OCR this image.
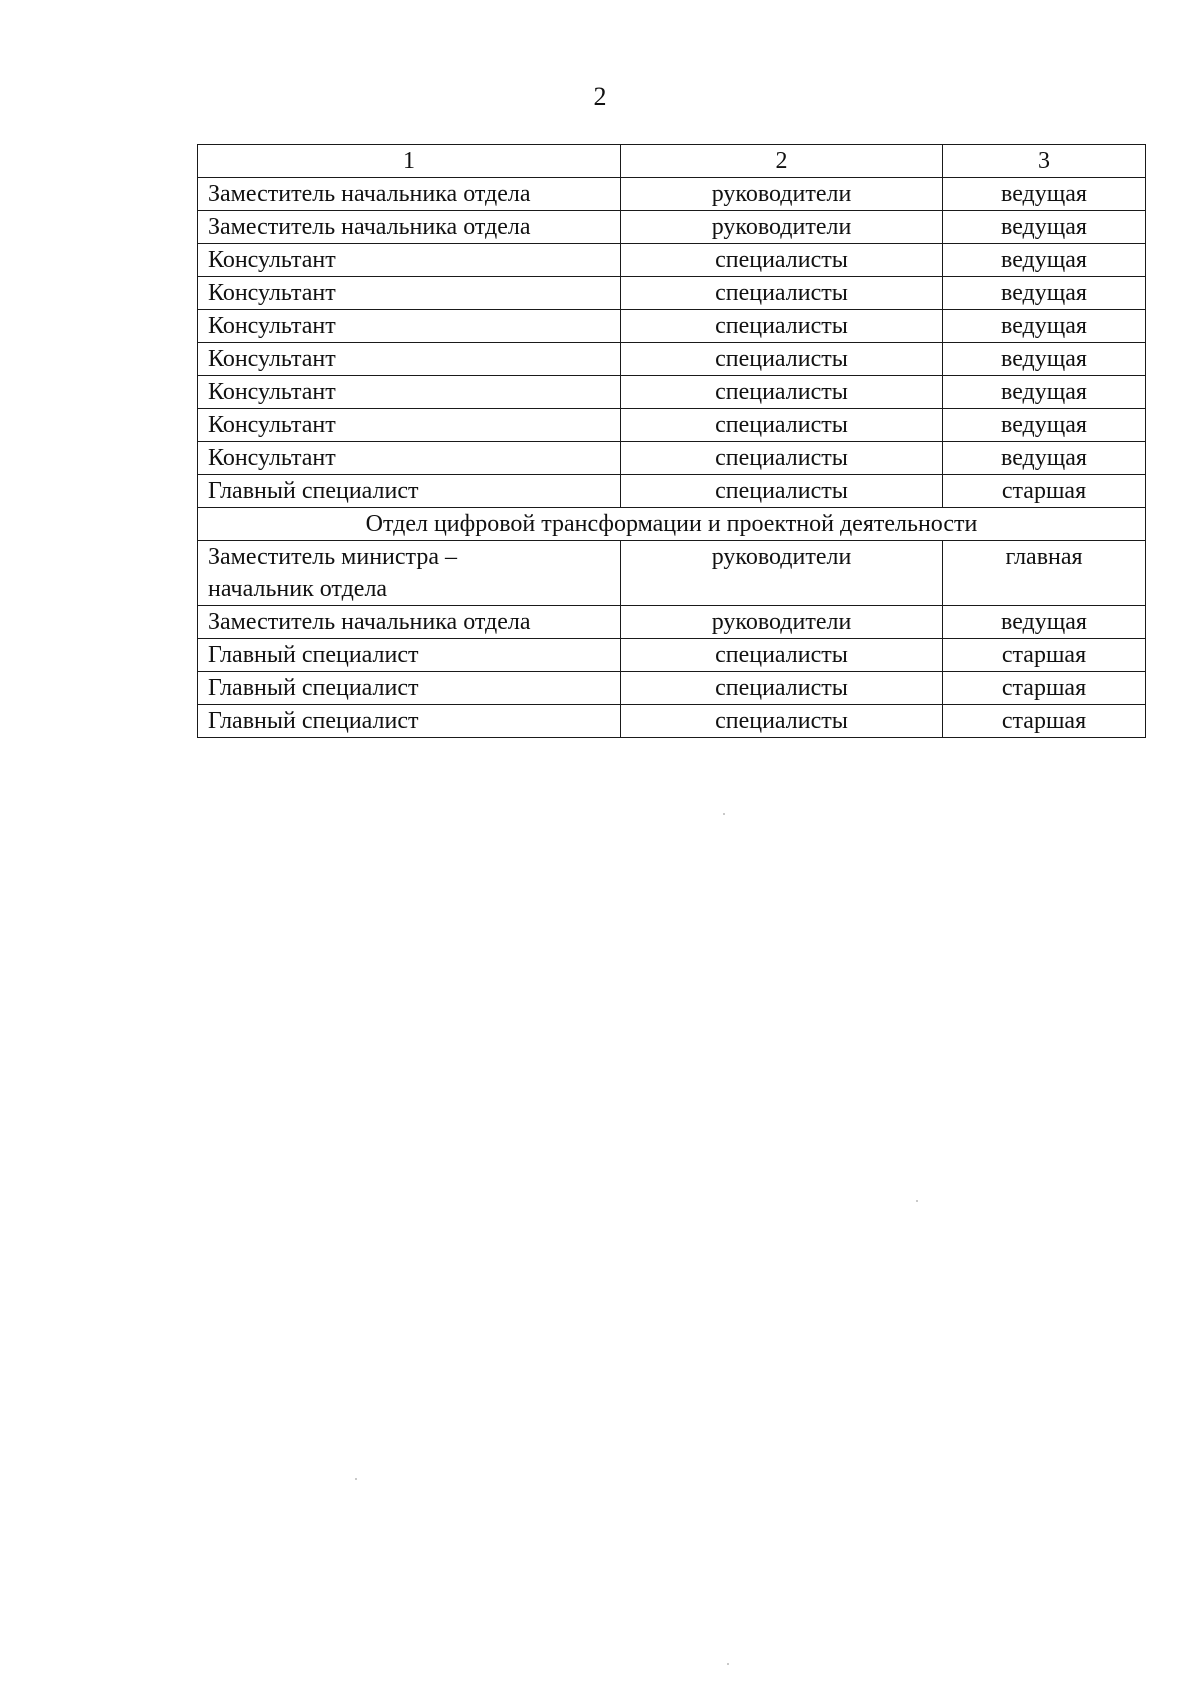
2
1	2	3
Заместитель начальника отдела	руководители	ведущая
Заместитель начальника отдела	руководители	ведущая
Консультант	специалисты	ведущая
Консультант	специалисты	ведущая
Консультант	специалисты	ведущая
Консультант	специалисты	ведущая
Консультант	специалисты	ведущая
Консультант	специалисты	ведущая
Консультант	специалисты	ведущая
Главный специалист	специалисты	старшая
Отдел цифровой трансформации и проектной деятельности		

Заместитель министра –
начальник отдела	руководители	главная
Заместитель начальника отдела	руководители	ведущая
Главный специалист	специалисты	старшая
Главный специалист	специалисты	старшая
Главный специалист	специалисты	старшая
